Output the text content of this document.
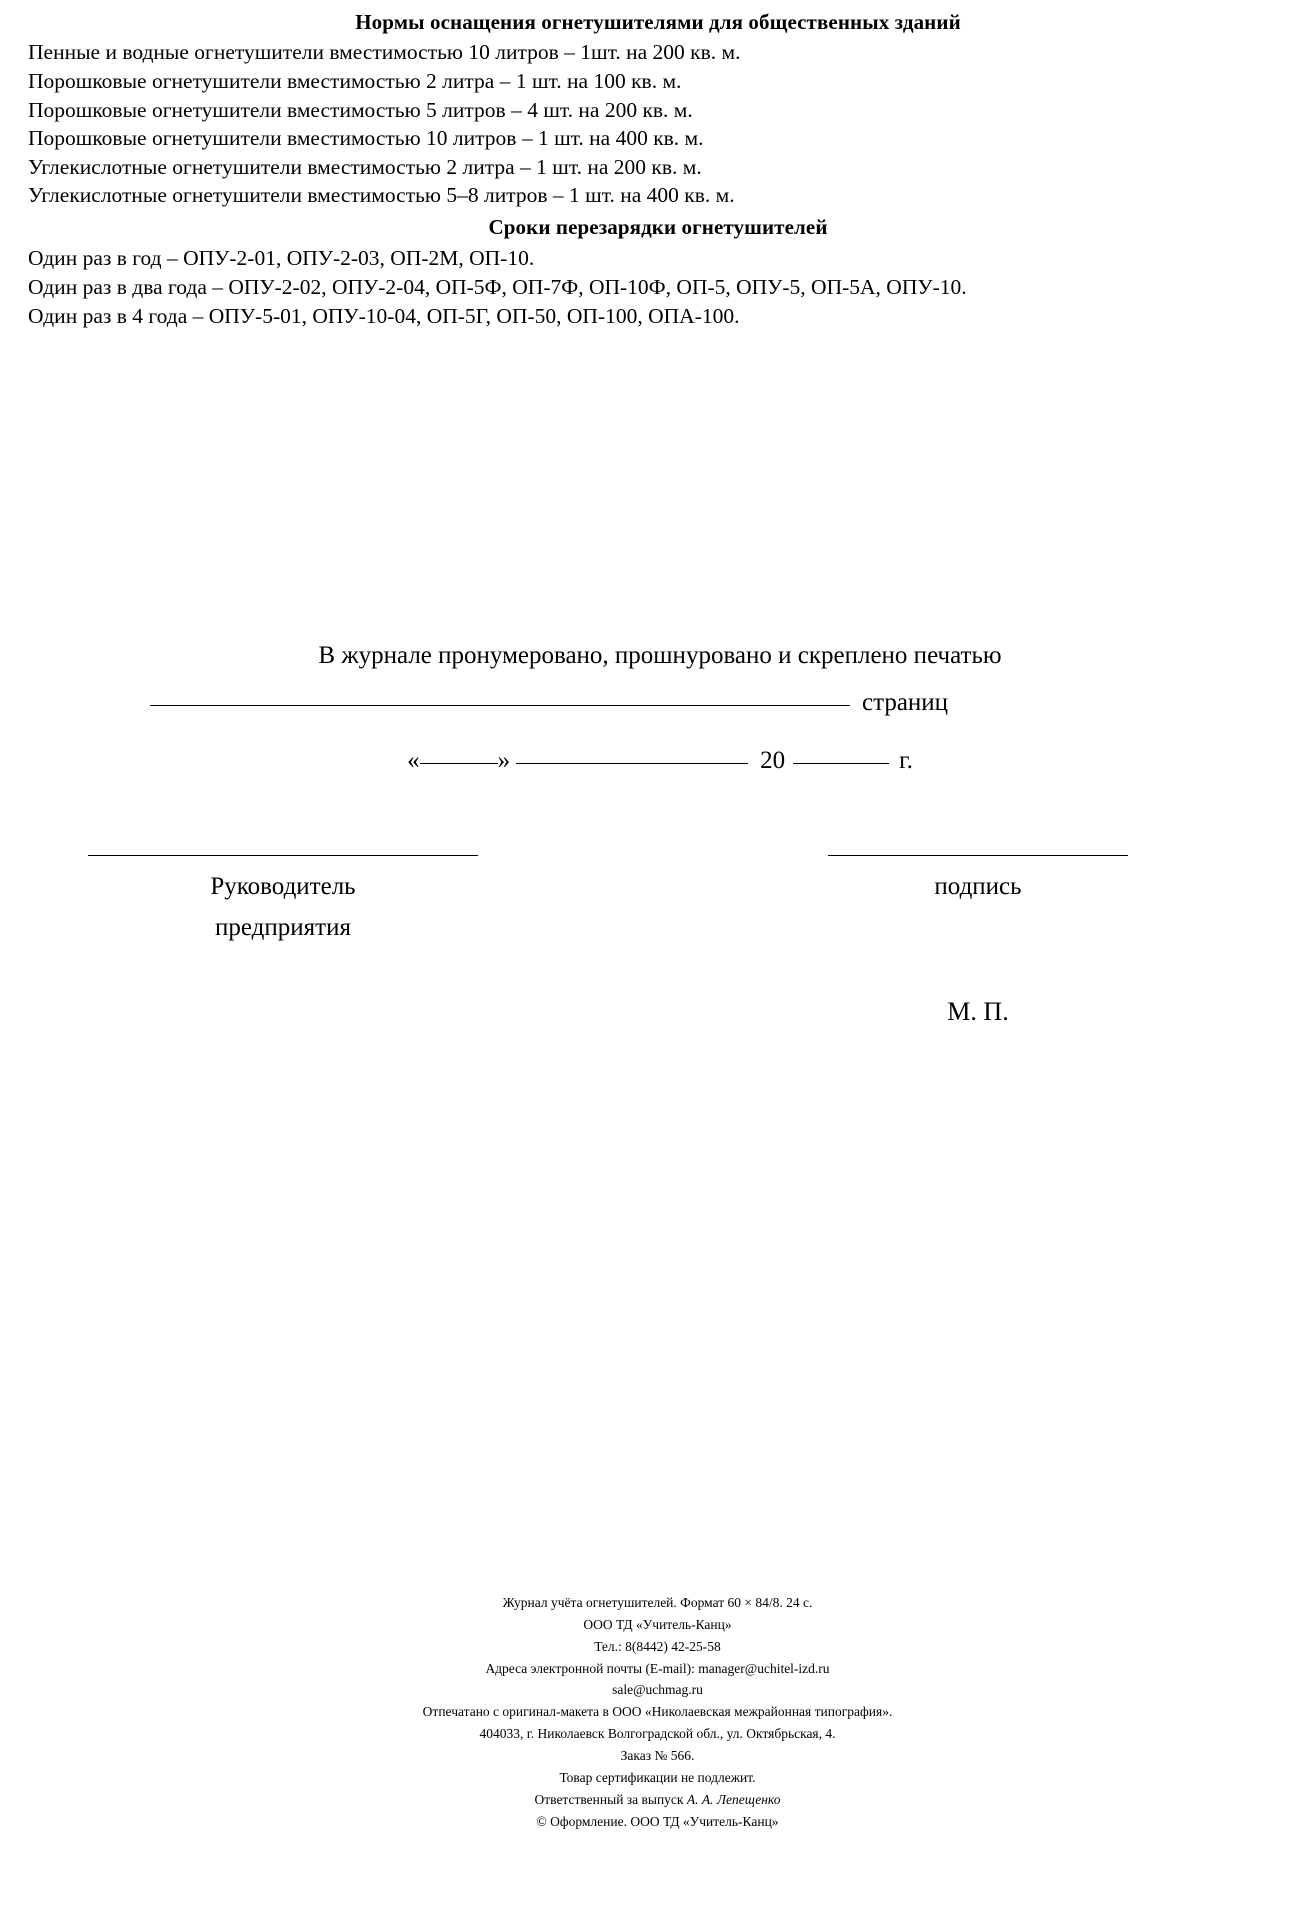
Нормы оснащения огнетушителями для общественных зданий

Пенные и водные огнетушители вместимостью 10 литров – 1шт. на 200 кв. м.

Порошковые огнетушители вместимостью 2 литра – 1 шт. на 100 кв. м.

Порошковые огнетушители вместимостью 5 литров – 4 шт. на 200 кв. м.

Порошковые огнетушители вместимостью 10 литров – 1 шт. на 400 кв. м.

Углекислотные огнетушители вместимостью 2 литра – 1 шт. на 200 кв. м.

Углекислотные огнетушители вместимостью 5–8 литров – 1 шт. на 400 кв. м.

Сроки перезарядки огнетушителей

Один раз в год – ОПУ-2-01, ОПУ-2-03, ОП-2М, ОП-10.

Один раз в два года – ОПУ-2-02, ОПУ-2-04, ОП-5Ф, ОП-7Ф, ОП-10Ф, ОП-5, ОПУ-5, ОП-5А, ОПУ-10.

Один раз в 4 года – ОПУ-5-01, ОПУ-10-04, ОП-5Г, ОП-50, ОП-100, ОПА-100.

В журнале пронумеровано, прошнуровано и скреплено печатью
страниц
«	»	20	г.
Руководитель
предприятия
подпись
М. П.
Журнал учёта огнетушителей. Формат 60 × 84/8. 24 с.
ООО ТД «Учитель-Канц»
Тел.: 8(8442) 42-25-58
Адреса электронной почты (E-mail): manager@uchitel-izd.ru
sale@uchmag.ru
Отпечатано с оригинал-макета в ООО «Николаевская межрайонная типография».
404033, г. Николаевск Волгоградской обл., ул. Октябрьская, 4.
Заказ № 566.
Товар сертификации не подлежит.
Ответственный за выпуск А. А. Лепещенко
© Оформление. ООО ТД «Учитель-Канц»
